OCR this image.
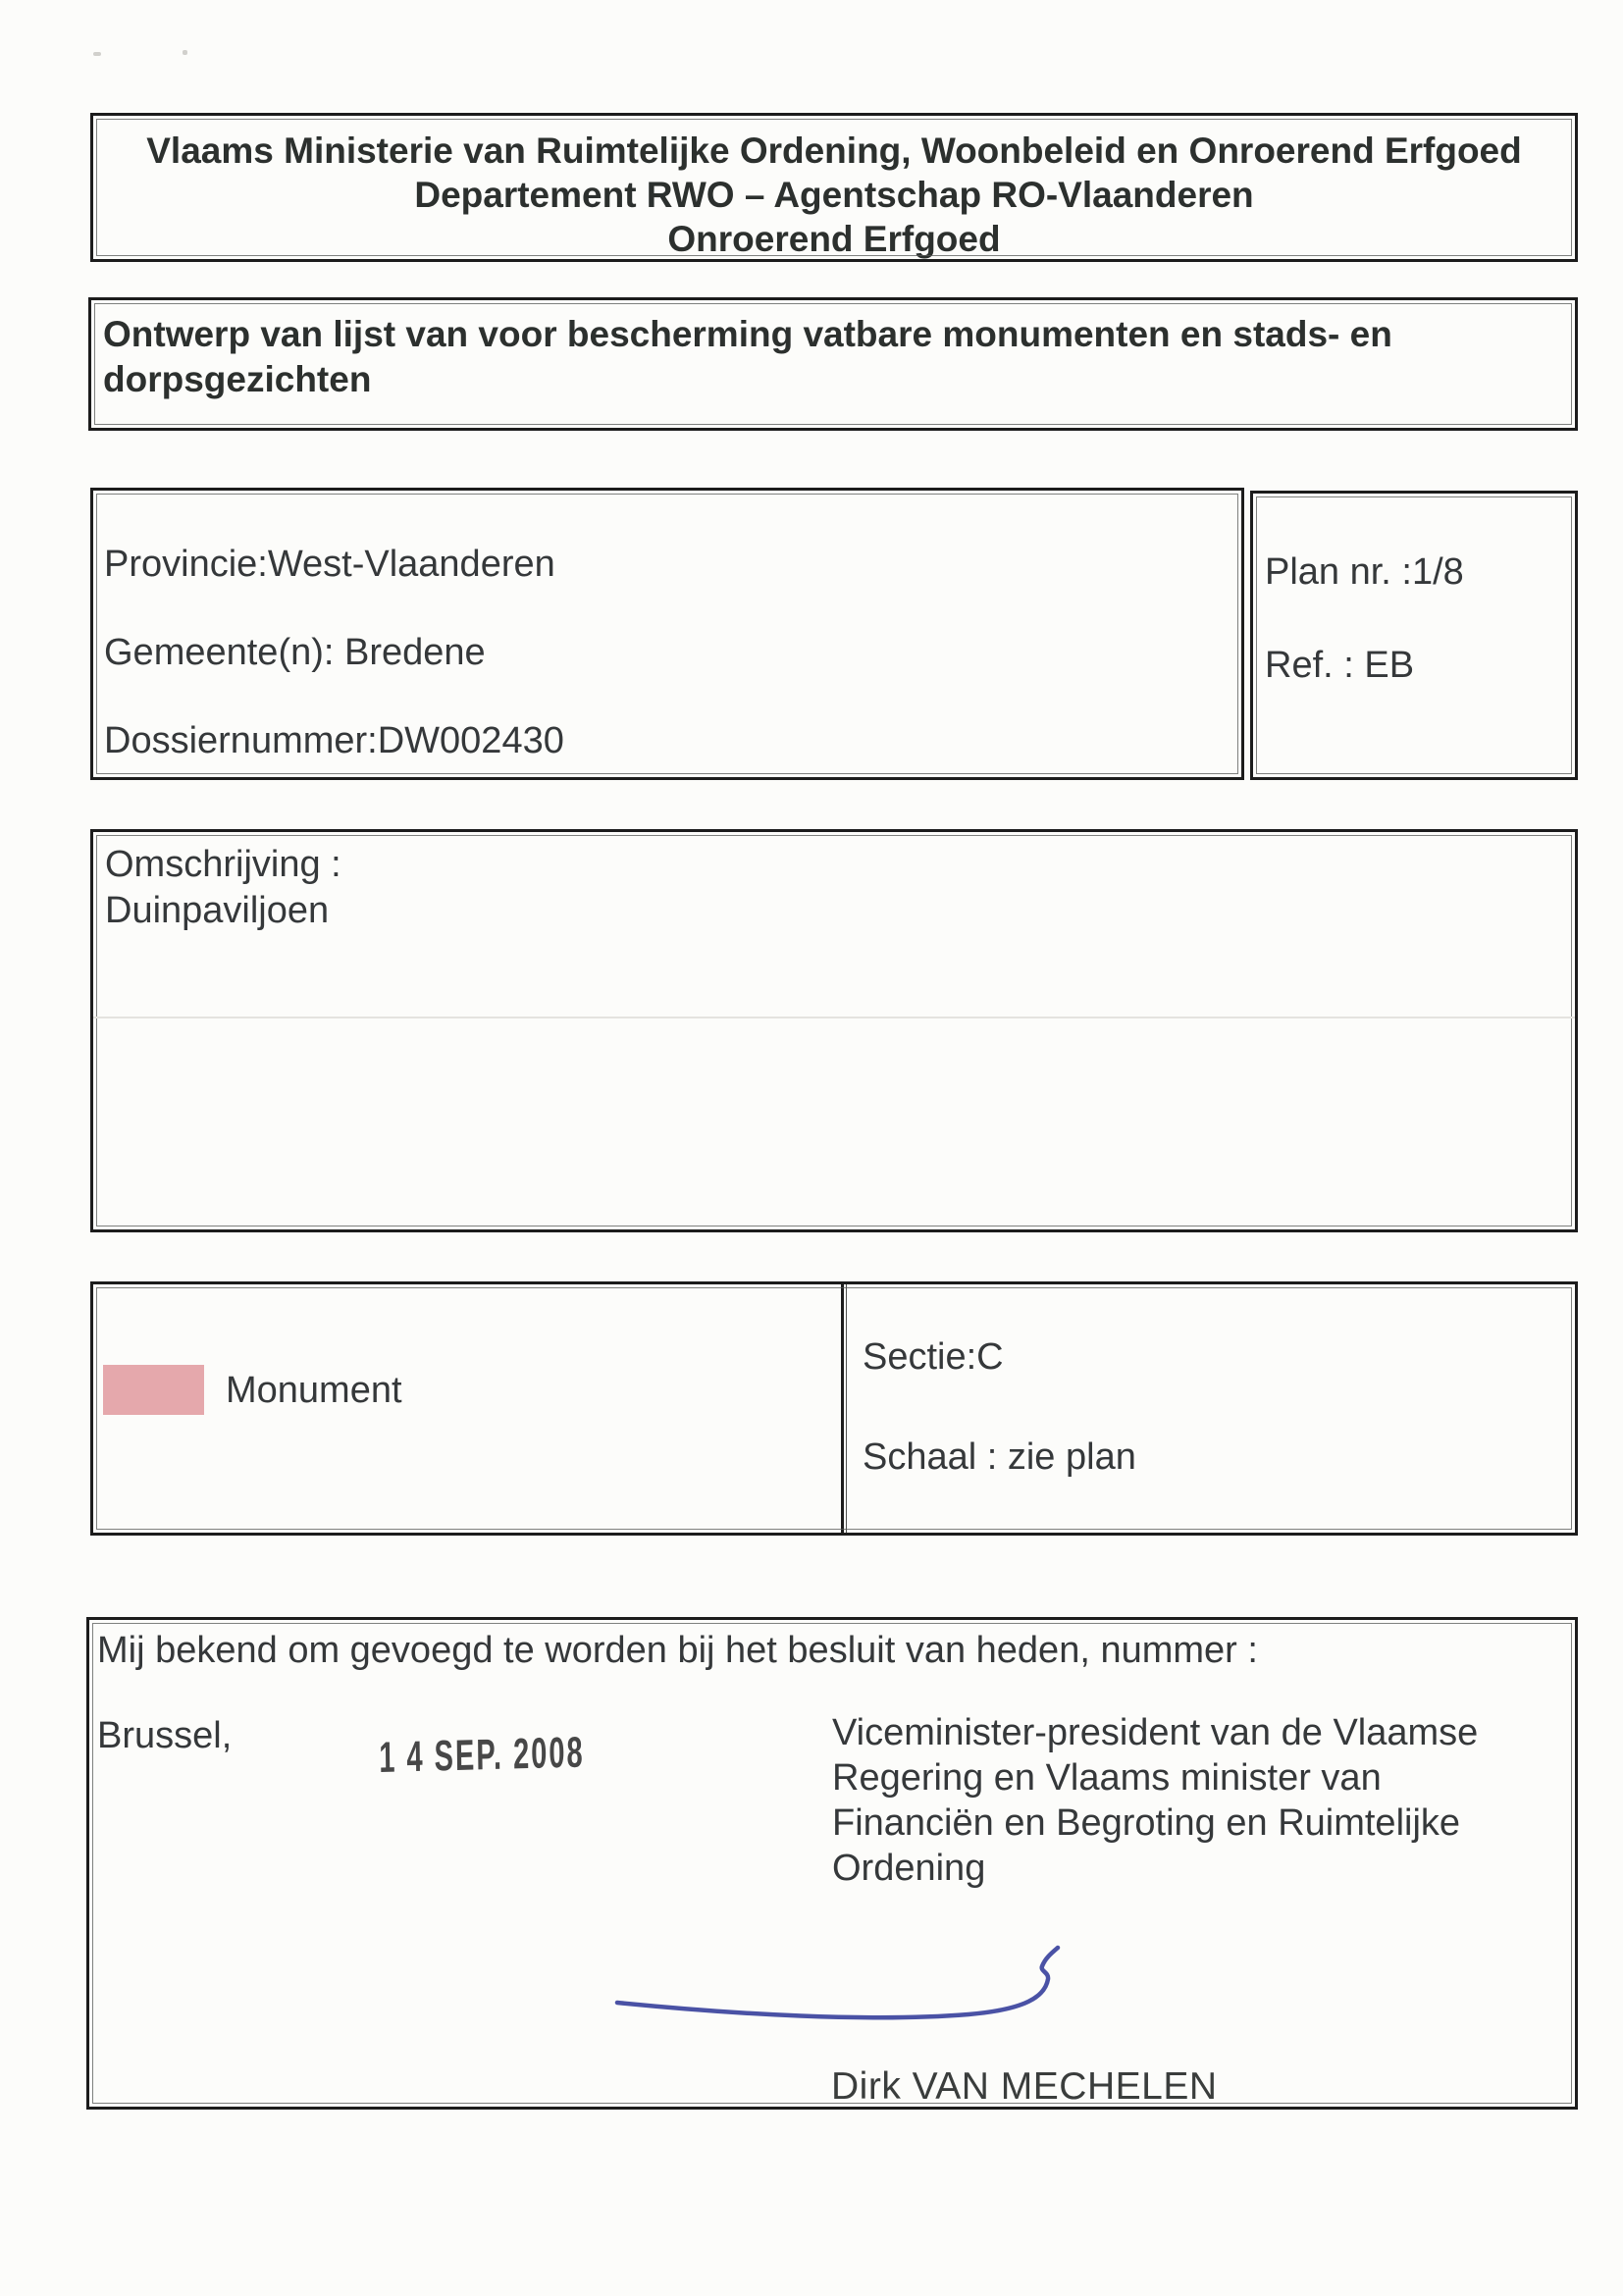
Vlaams Ministerie van Ruimtelijke Ordening, Woonbeleid en Onroerend Erfgoed
Departement RWO – Agentschap RO-Vlaanderen
Onroerend Erfgoed
Ontwerp van lijst van voor bescherming vatbare monumenten en stads- en dorpsgezichten
Provincie:West-Vlaanderen
Gemeente(n): Bredene
Dossiernummer:DW002430
Plan nr. :1/8
Ref. : EB
Omschrijving :
Duinpaviljoen
Monument
Sectie:C
Schaal : zie plan
Mij bekend om gevoegd te worden bij het besluit van heden, nummer :
Brussel,	1 4 SEP. 2008	Viceminister-president van de Vlaamse
Regering en Vlaams minister van
Financiën en Begroting en Ruimtelijke
Ordening
Dirk VAN MECHELEN
